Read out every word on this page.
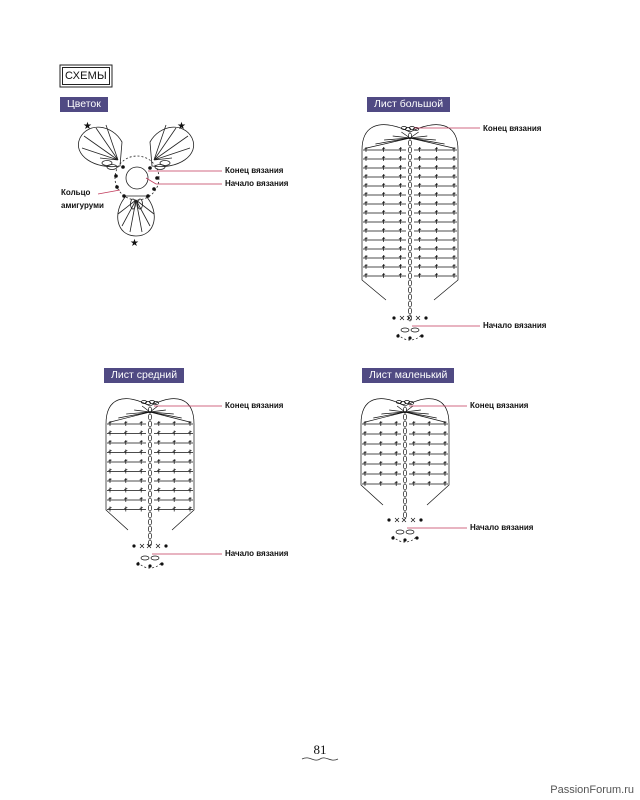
СХЕМЫ
Цветок	Лист большой
Лист средний	Лист маленький
★	★
★
Конец вязания
Начало вязания
Кольцо
амигуруми
Конец вязания
Начало вязания
Конец вязания
Начало вязания
Конец вязания
Начало вязания
81
PassionForum.ru
